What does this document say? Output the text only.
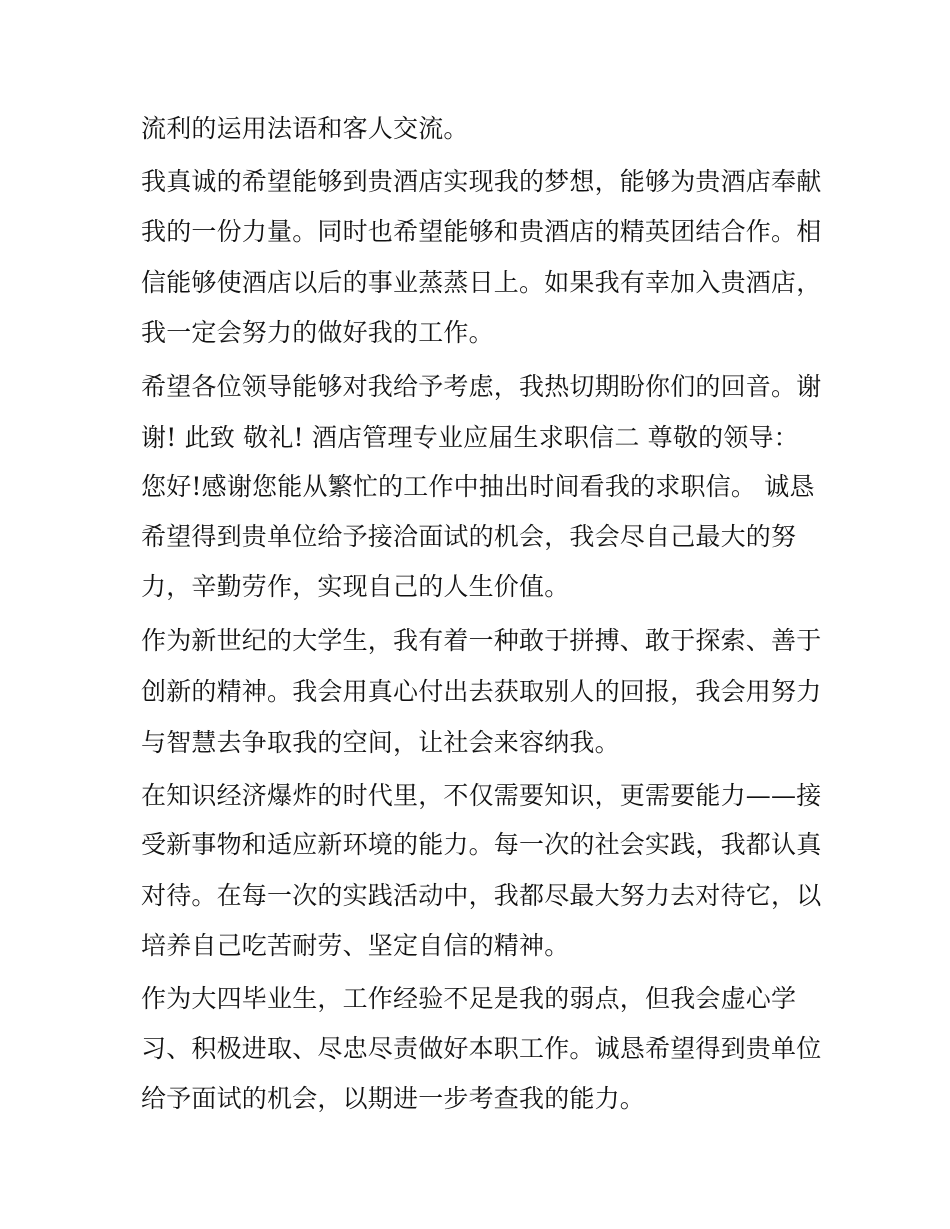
流利的运用法语和客人交流。

我真诚的希望能够到贵酒店实现我的梦想，能够为贵酒店奉献

我的一份力量。同时也希望能够和贵酒店的精英团结合作。相

信能够使酒店以后的事业蒸蒸日上。如果我有幸加入贵酒店，

我一定会努力的做好我的工作。

希望各位领导能够对我给予考虑，我热切期盼你们的回音。谢

谢! 此致 敬礼! 酒店管理专业应届生求职信二 尊敬的领导：

您好!感谢您能从繁忙的工作中抽出时间看我的求职信。 诚恳

希望得到贵单位给予接洽面试的机会，我会尽自己最大的努

力，辛勤劳作，实现自己的人生价值。

作为新世纪的大学生，我有着一种敢于拼搏、敢于探索、善于

创新的精神。我会用真心付出去获取别人的回报，我会用努力

与智慧去争取我的空间，让社会来容纳我。

在知识经济爆炸的时代里，不仅需要知识，更需要能力——接

受新事物和适应新环境的能力。每一次的社会实践，我都认真

对待。在每一次的实践活动中，我都尽最大努力去对待它，以

培养自己吃苦耐劳、坚定自信的精神。

作为大四毕业生，工作经验不足是我的弱点，但我会虚心学

习、积极进取、尽忠尽责做好本职工作。诚恳希望得到贵单位

给予面试的机会，以期进一步考查我的能力。
